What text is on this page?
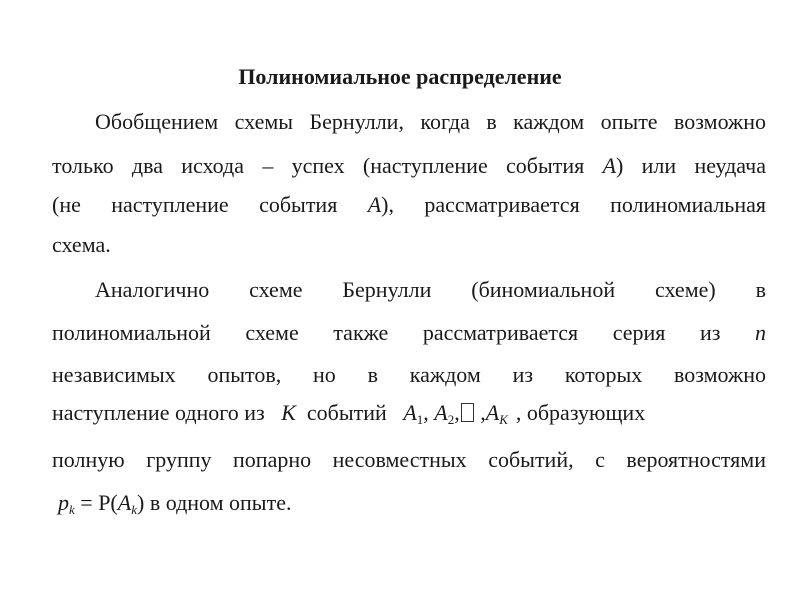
Полиномиальное распределение
Обобщением схемы Бернулли, когда в каждом опыте возможно
только два исхода – успех (наступление события A) или неудача
(не наступление события A), рассматривается полиномиальная
схема.
Аналогично схеме Бернулли (биномиальной схеме) в
полиномиальной схеме также рассматривается серия из n
независимых опытов, но в каждом из которых возможно
наступление одного из   K  событий   $A_1$, $A_2$, ,AK , образующих
полную группу попарно несовместных событий, с вероятностями
pk = P(Ak) в одном опыте.
